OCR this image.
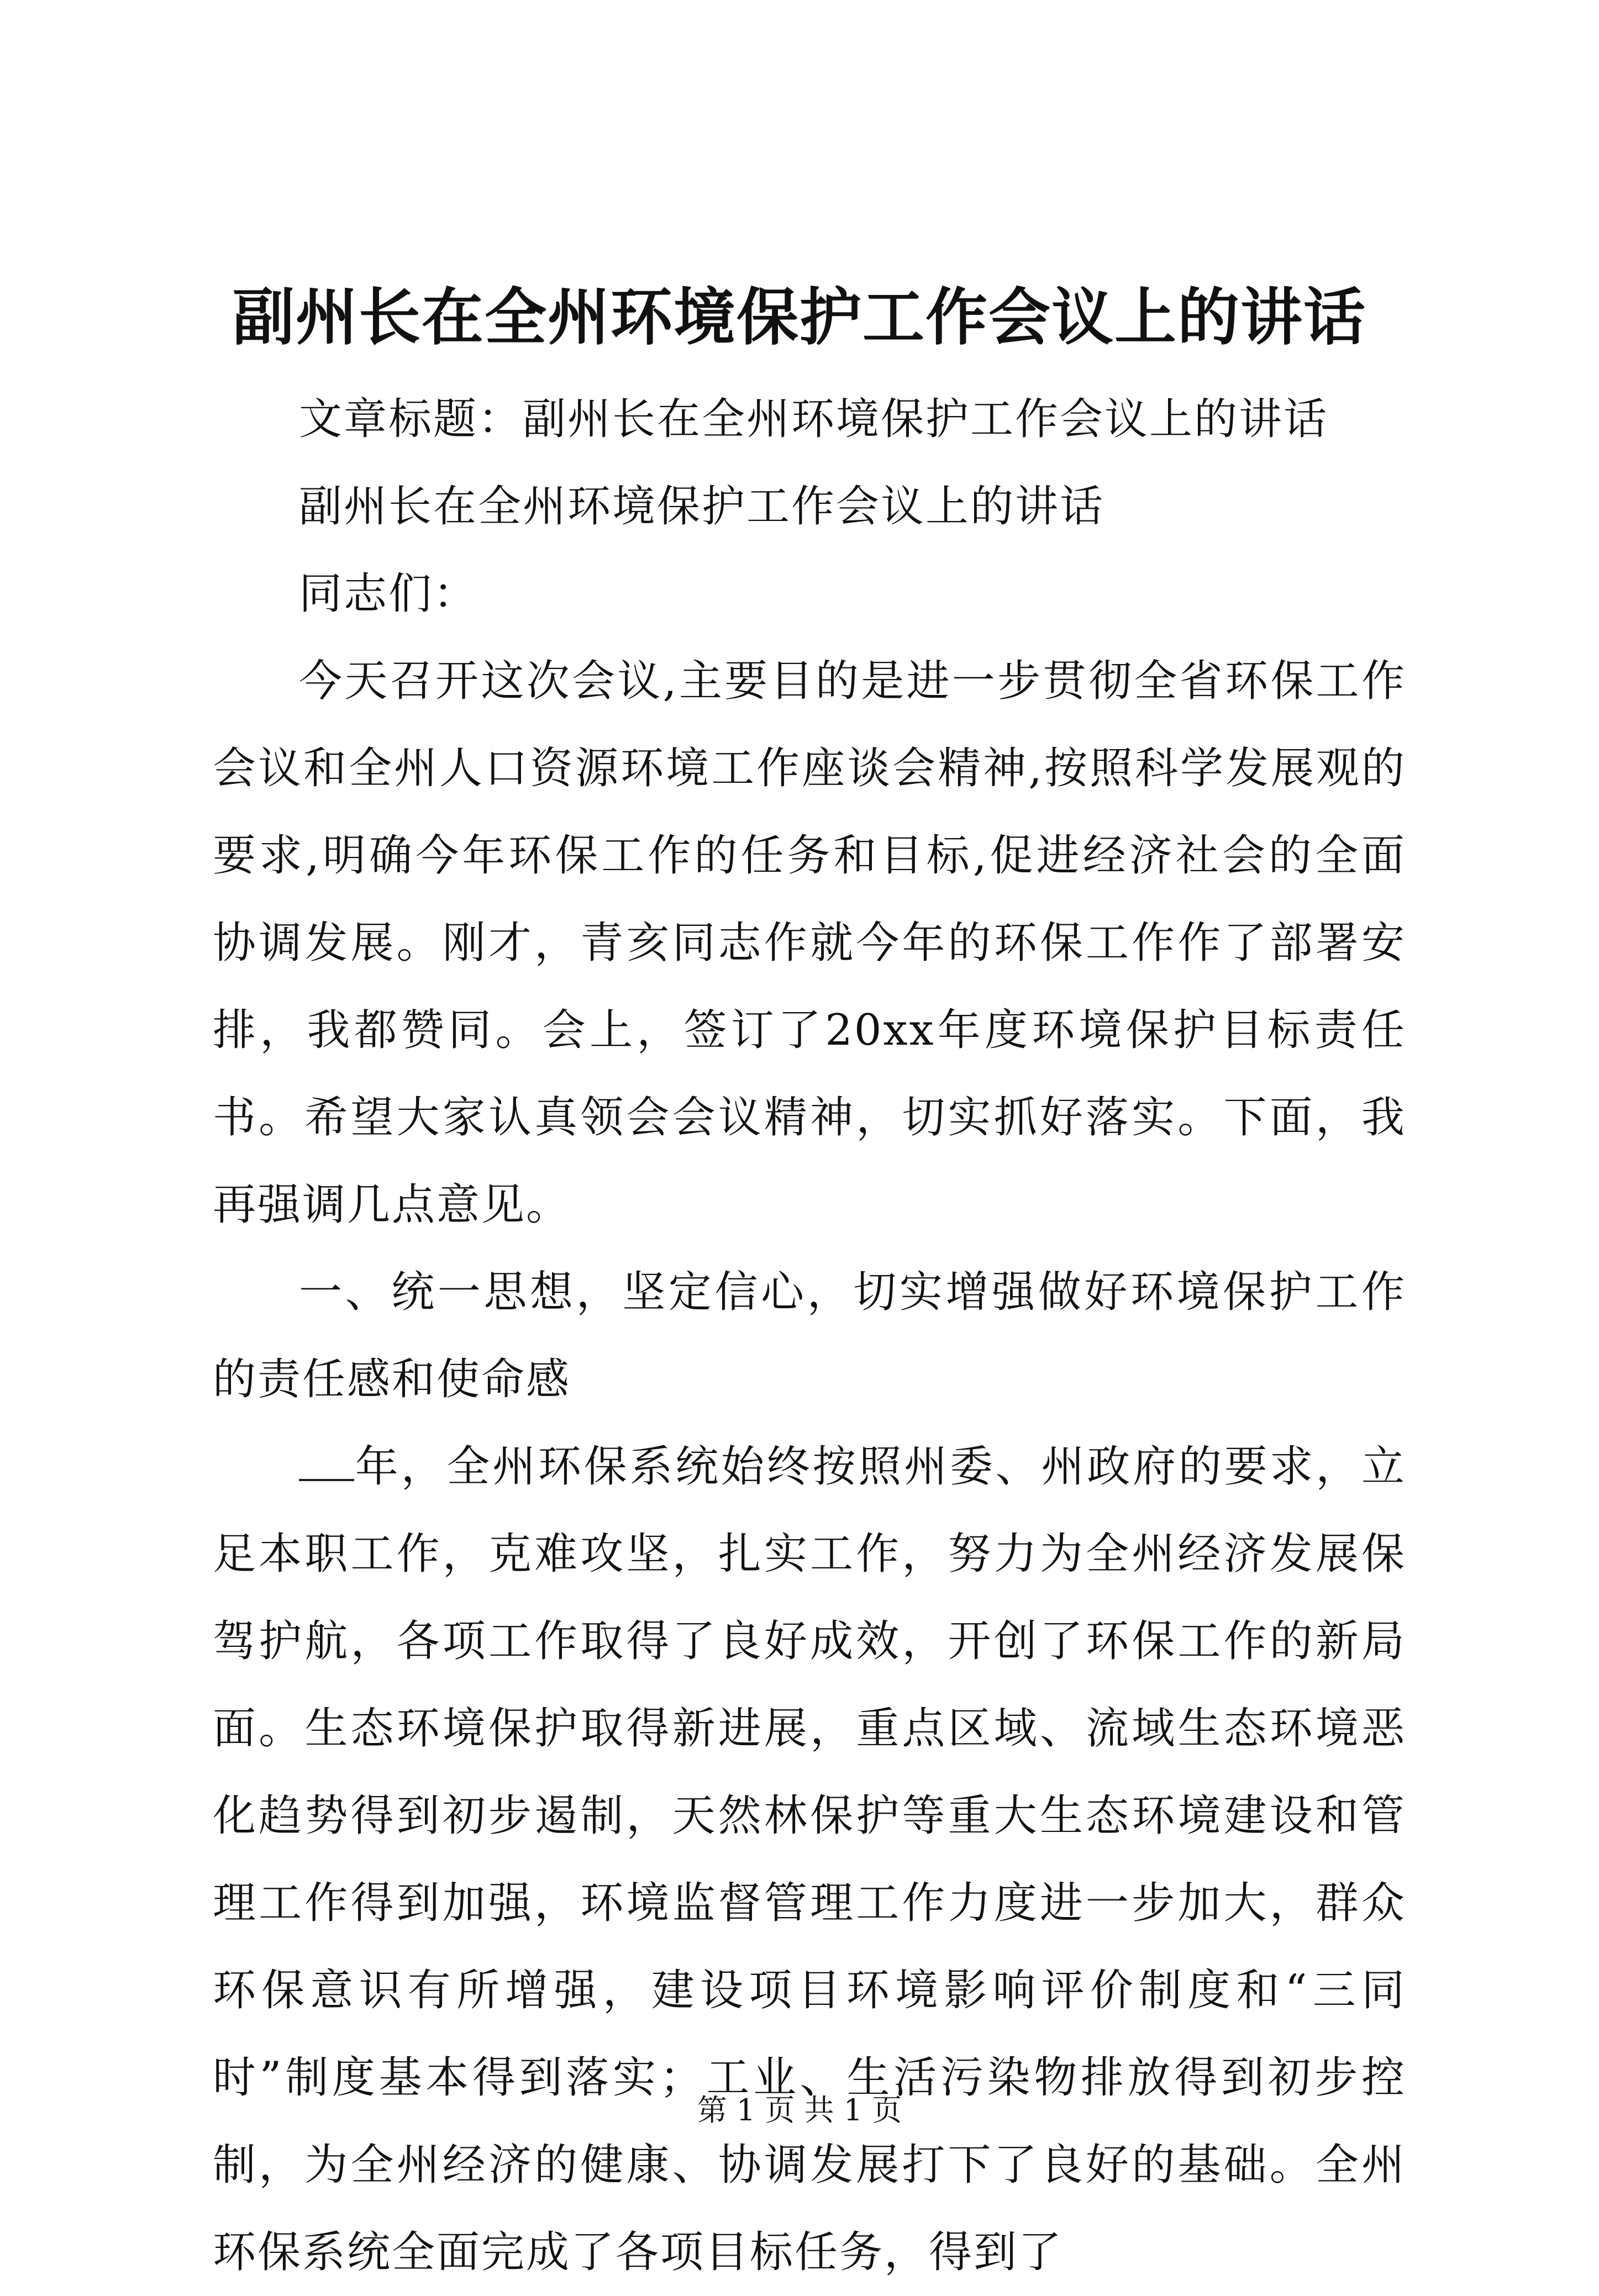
副州长在全州环境保护工作会议上的讲话

文章标题：副州长在全州环境保护工作会议上的讲话

副州长在全州环境保护工作会议上的讲话

同志们：

今天召开这次会议,主要目的是进一步贯彻全省环保工作会议和全州人口资源环境工作座谈会精神,按照科学发展观的要求,明确今年环保工作的任务和目标,促进经济社会的全面协调发展。刚才，青亥同志作就今年的环保工作作了部署安排，我都赞同。会上，签订了20xx年度环境保护目标责任书。希望大家认真领会会议精神，切实抓好落实。下面，我再强调几点意见。

一、统一思想，坚定信心，切实增强做好环境保护工作的责任感和使命感

年，全州环保系统始终按照州委、州政府的要求，立足本职工作，克难攻坚，扎实工作，努力为全州经济发展保驾护航，各项工作取得了良好成效，开创了环保工作的新局面。生态环境保护取得新进展，重点区域、流域生态环境恶化趋势得到初步遏制，天然林保护等重大生态环境建设和管理工作得到加强，环境监督管理工作力度进一步加大，群众环保意识有所增强，建设项目环境影响评价制度和“三同时”制度基本得到落实；工业、生活污染物排放得到初步控制，为全州经济的健康、协调发展打下了良好的基础。全州环保系统全面完成了各项目标任务，得到了

第 1 页 共 1 页
